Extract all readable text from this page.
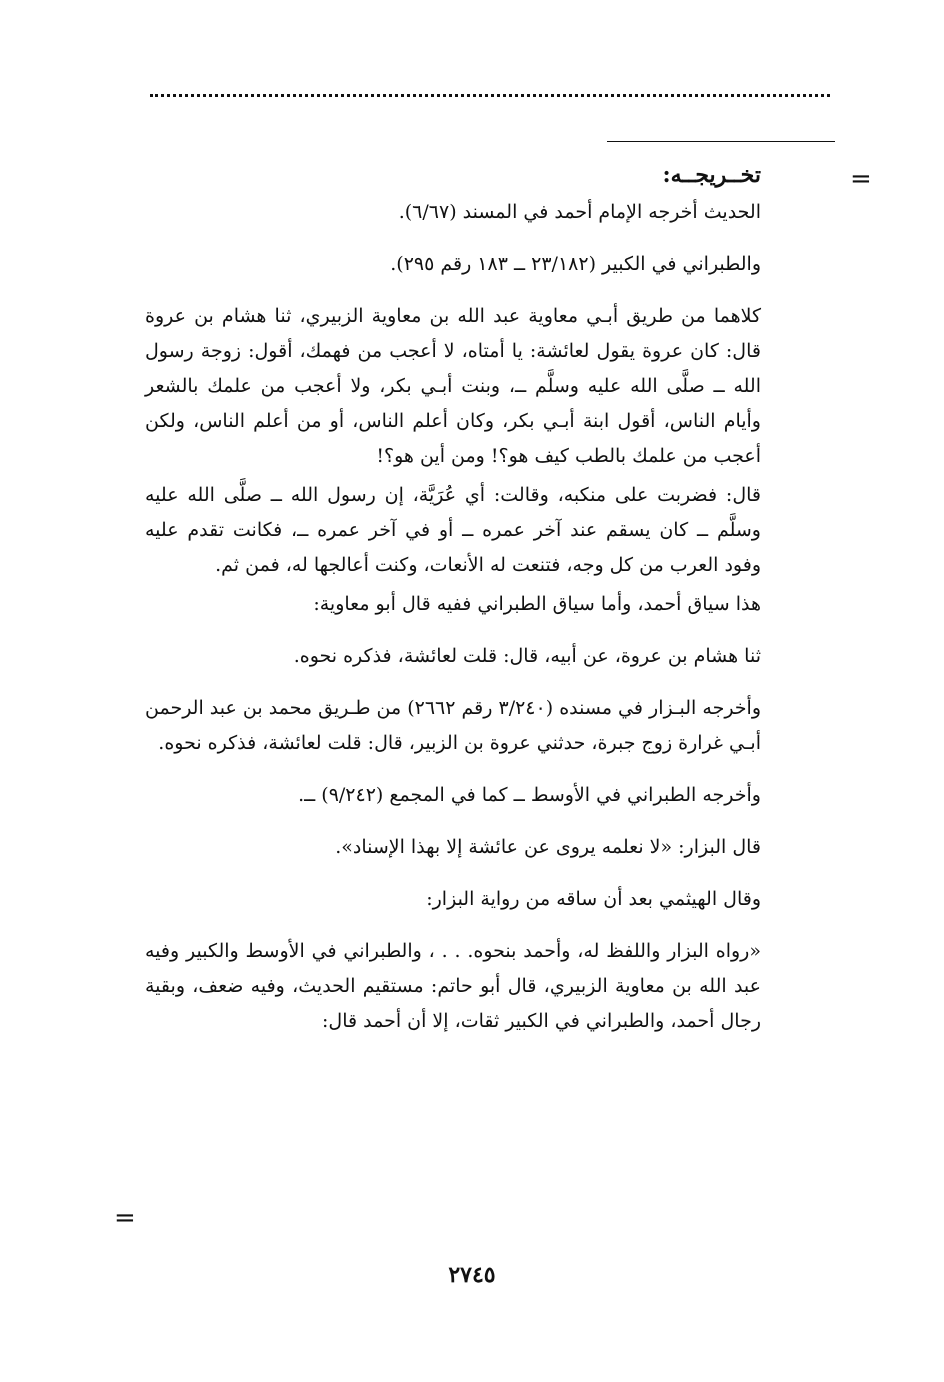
=
=
تخــريجــه:

الحديث أخرجه الإمام أحمد في المسند (٦/٦٧).

والطبراني في الكبير (٢٣/١٨٢ ــ ١٨٣ رقم ٢٩٥).

كلاهما من طريق أبـي معاوية عبد الله بن معاوية الزبيري، ثنا هشام بن عروة قال: كان عروة يقول لعائشة: يا أمتاه، لا أعجب من فهمك، أقول: زوجة رسول الله ــ صلَّى الله عليه وسلَّم ــ، وبنت أبـي بكر، ولا أعجب من علمك بالشعر وأيام الناس، أقول ابنة أبـي بكر، وكان أعلم الناس، أو من أعلم الناس، ولكن أعجب من علمك بالطب كيف هو؟! ومن أين هو؟!

قال: فضربت على منكبه، وقالت: أي عُرَيَّة، إن رسول الله ــ صلَّى الله عليه وسلَّم ــ كان يسقم عند آخر عمره ــ أو في آخر عمره ــ، فكانت تقدم عليه وفود العرب من كل وجه، فتنعت له الأنعات، وكنت أعالجها له، فمن ثم.

هذا سياق أحمد، وأما سياق الطبراني ففيه قال أبو معاوية:

ثنا هشام بن عروة، عن أبيه، قال: قلت لعائشة، فذكره نحوه.

وأخرجه البـزار في مسنده (٣/٢٤٠ رقم ٢٦٦٢) من طـريق محمد بن عبد الرحمن أبـي غرارة زوج جبرة، حدثني عروة بن الزبير، قال: قلت لعائشة، فذكره نحوه.

وأخرجه الطبراني في الأوسط ــ كما في المجمع (٩/٢٤٢) ــ.

قال البزار: «لا نعلمه يروى عن عائشة إلا بهذا الإسناد».

وقال الهيثمي بعد أن ساقه من رواية البزار:

«رواه البزار واللفظ له، وأحمد بنحوه. . . ، والطبراني في الأوسط والكبير وفيه عبد الله بن معاوية الزبيري، قال أبو حاتم: مستقيم الحديث، وفيه ضعف، وبقية رجال أحمد، والطبراني في الكبير ثقات، إلا أن أحمد قال:

٢٧٤٥
